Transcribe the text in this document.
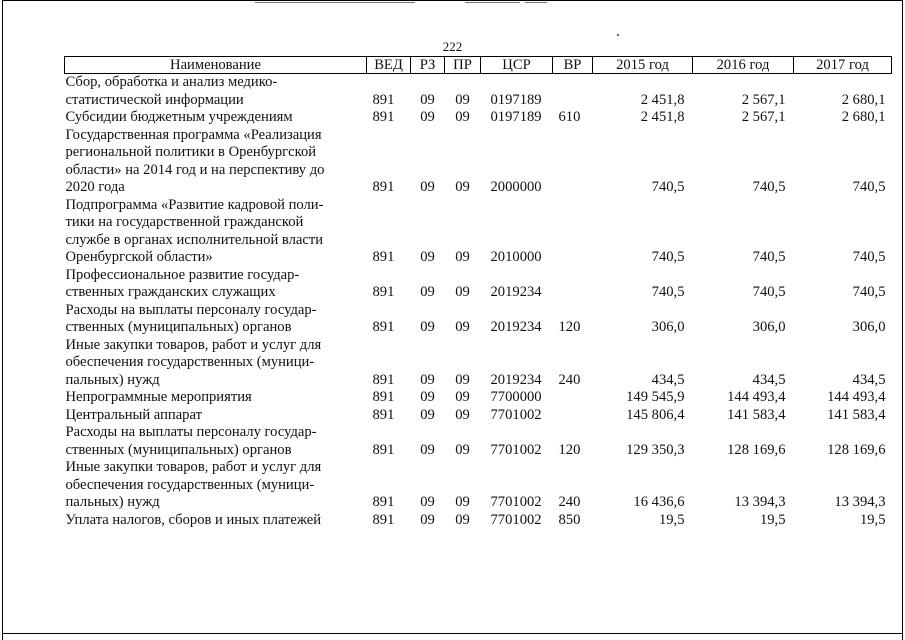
222
Наименование	ВЕД	РЗ	ПР	ЦСР	ВР	2015 год	2016 год	2017 год

Сбор, обработка и анализ медико-
статистической информации	891	09	09	0197189		2 451,8	2 567,1	2 680,1

Субсидии бюджетным учреждениям	891	09	09	0197189	610	2 451,8	2 567,1	2 680,1

Государственная программа «Реализация
региональной политики в Оренбургской
области» на 2014 год и на перспективу до
2020 года	891	09	09	2000000		740,5	740,5	740,5

Подпрограмма «Развитие кадровой поли-
тики на государственной гражданской
службе в органах исполнительной власти
Оренбургской области»	891	09	09	2010000		740,5	740,5	740,5

Профессиональное развитие государ-
ственных гражданских служащих	891	09	09	2019234		740,5	740,5	740,5

Расходы на выплаты персоналу государ-
ственных (муниципальных) органов	891	09	09	2019234	120	306,0	306,0	306,0

Иные закупки товаров, работ и услуг для
обеспечения государственных (муници-
пальных) нужд	891	09	09	2019234	240	434,5	434,5	434,5

Непрограммные мероприятия	891	09	09	7700000		149 545,9	144 493,4	144 493,4

Центральный аппарат	891	09	09	7701002		145 806,4	141 583,4	141 583,4

Расходы на выплаты персоналу государ-
ственных (муниципальных) органов	891	09	09	7701002	120	129 350,3	128 169,6	128 169,6

Иные закупки товаров, работ и услуг для
обеспечения государственных (муници-
пальных) нужд	891	09	09	7701002	240	16 436,6	13 394,3	13 394,3

Уплата налогов, сборов и иных платежей	891	09	09	7701002	850	19,5	19,5	19,5
